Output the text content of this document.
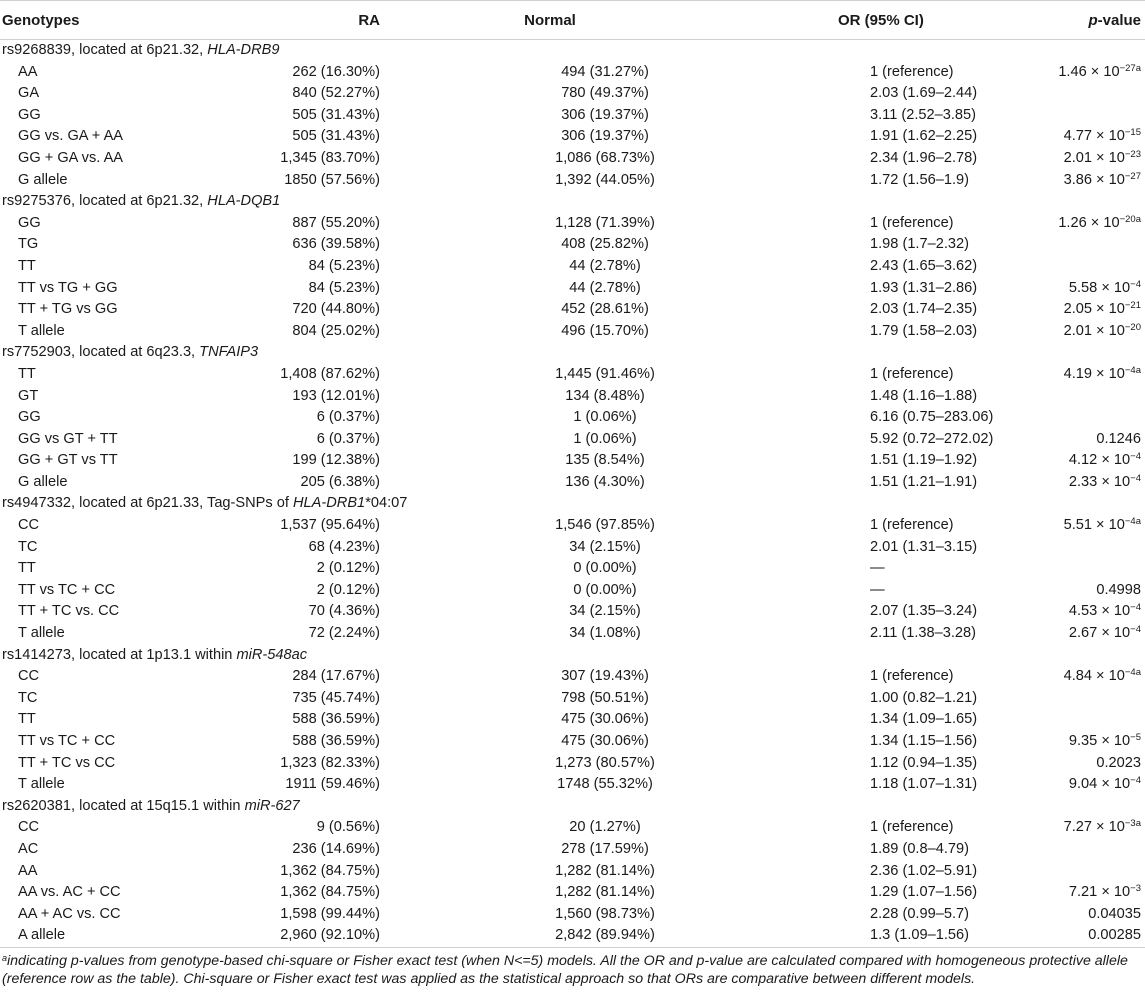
Genotypes	RA	Normal	OR (95% CI)	p-value
rs9268839, located at 6p21.32, HLA-DRB9				
AA	262 (16.30%)	494 (31.27%)	1 (reference)	$1.46 \times 10^{-27a}$
GA	840 (52.27%)	780 (49.37%)	2.03 (1.69–2.44)	
GG	505 (31.43%)	306 (19.37%)	3.11 (2.52–3.85)	
GG vs. GA + AA	505 (31.43%)	306 (19.37%)	1.91 (1.62–2.25)	$4.77 \times 10^{-15}$
GG + GA vs. AA	1,345 (83.70%)	1,086 (68.73%)	2.34 (1.96–2.78)	$2.01 \times 10^{-23}$
G allele	1850 (57.56%)	1,392 (44.05%)	1.72 (1.56–1.9)	$3.86 \times 10^{-27}$
rs9275376, located at 6p21.32, HLA-DQB1				
GG	887 (55.20%)	1,128 (71.39%)	1 (reference)	$1.26 \times 10^{-20a}$
TG	636 (39.58%)	408 (25.82%)	1.98 (1.7–2.32)	
TT	84 (5.23%)	44 (2.78%)	2.43 (1.65–3.62)	
TT vs TG + GG	84 (5.23%)	44 (2.78%)	1.93 (1.31–2.86)	$5.58 \times 10^{-4}$
TT + TG vs GG	720 (44.80%)	452 (28.61%)	2.03 (1.74–2.35)	$2.05 \times 10^{-21}$
T allele	804 (25.02%)	496 (15.70%)	1.79 (1.58–2.03)	$2.01 \times 10^{-20}$
rs7752903, located at 6q23.3, TNFAIP3				
TT	1,408 (87.62%)	1,445 (91.46%)	1 (reference)	$4.19 \times 10^{-4a}$
GT	193 (12.01%)	134 (8.48%)	1.48 (1.16–1.88)	
GG	6 (0.37%)	1 (0.06%)	6.16 (0.75–283.06)	
GG vs GT + TT	6 (0.37%)	1 (0.06%)	5.92 (0.72–272.02)	0.1246
GG + GT vs TT	199 (12.38%)	135 (8.54%)	1.51 (1.19–1.92)	$4.12 \times 10^{-4}$
G allele	205 (6.38%)	136 (4.30%)	1.51 (1.21–1.91)	$2.33 \times 10^{-4}$
rs4947332, located at 6p21.33, Tag-SNPs of HLA-DRB1*04:07				
CC	1,537 (95.64%)	1,546 (97.85%)	1 (reference)	$5.51 \times 10^{-4a}$
TC	68 (4.23%)	34 (2.15%)	2.01 (1.31–3.15)	
TT	2 (0.12%)	0 (0.00%)	—	
TT vs TC + CC	2 (0.12%)	0 (0.00%)	—	0.4998
TT + TC vs. CC	70 (4.36%)	34 (2.15%)	2.07 (1.35–3.24)	$4.53 \times 10^{-4}$
T allele	72 (2.24%)	34 (1.08%)	2.11 (1.38–3.28)	$2.67 \times 10^{-4}$
rs1414273, located at 1p13.1 within miR-548ac				
CC	284 (17.67%)	307 (19.43%)	1 (reference)	$4.84 \times 10^{-4a}$
TC	735 (45.74%)	798 (50.51%)	1.00 (0.82–1.21)	
TT	588 (36.59%)	475 (30.06%)	1.34 (1.09–1.65)	
TT vs TC + CC	588 (36.59%)	475 (30.06%)	1.34 (1.15–1.56)	$9.35 \times 10^{-5}$
TT + TC vs CC	1,323 (82.33%)	1,273 (80.57%)	1.12 (0.94–1.35)	0.2023
T allele	1911 (59.46%)	1748 (55.32%)	1.18 (1.07–1.31)	$9.04 \times 10^{-4}$
rs2620381, located at 15q15.1 within miR-627				
CC	9 (0.56%)	20 (1.27%)	1 (reference)	$7.27 \times 10^{-3a}$
AC	236 (14.69%)	278 (17.59%)	1.89 (0.8–4.79)	
AA	1,362 (84.75%)	1,282 (81.14%)	2.36 (1.02–5.91)	
AA vs. AC + CC	1,362 (84.75%)	1,282 (81.14%)	1.29 (1.07–1.56)	$7.21 \times 10^{-3}$
AA + AC vs. CC	1,598 (99.44%)	1,560 (98.73%)	2.28 (0.99–5.7)	0.04035
A allele	2,960 (92.10%)	2,842 (89.94%)	1.3 (1.09–1.56)	0.00285
$^a$indicating p-values from genotype-based chi-square or Fisher exact test (when N<=5) models. All the OR and p-value are calculated compared with homogeneous protective allele (reference row as the table). Chi-square or Fisher exact test was applied as the statistical approach so that ORs are comparative between different models.
